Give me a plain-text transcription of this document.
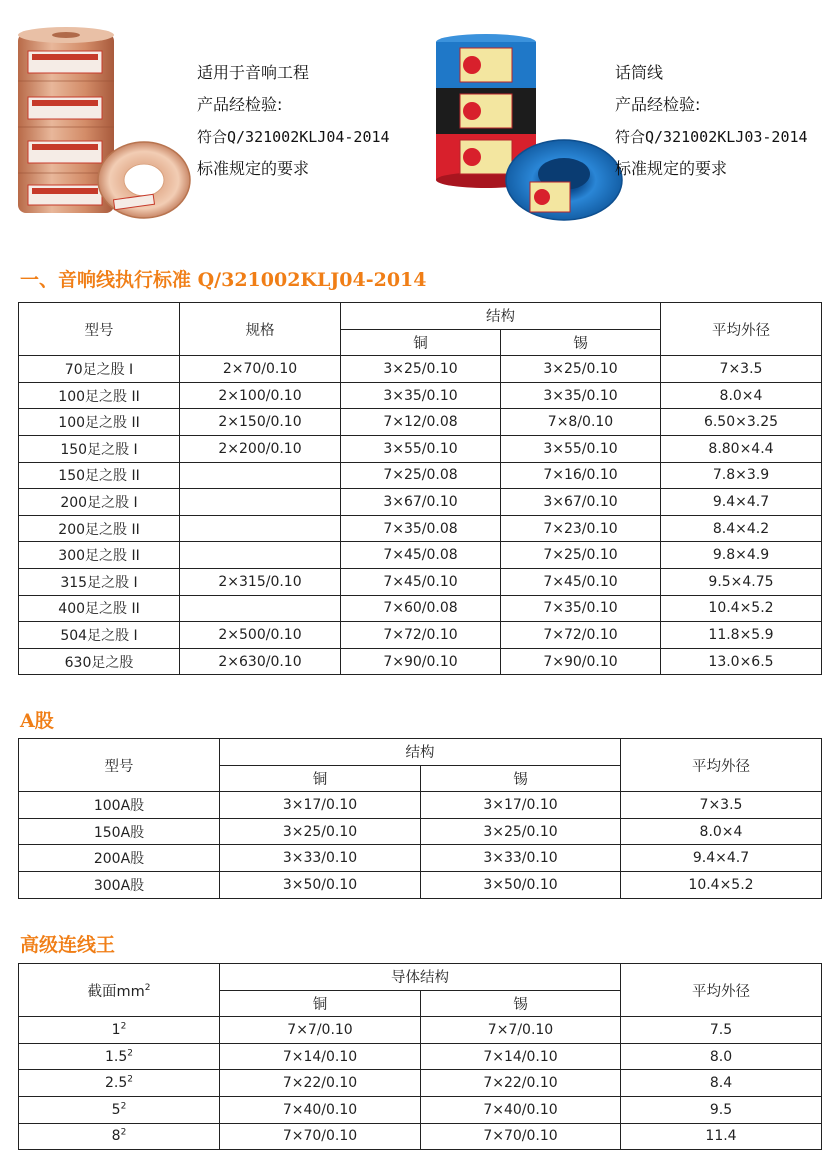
适用于音响工程
产品经检验:
符合Q/321002KLJ04-2014
标准规定的要求
话筒线
产品经检验:
符合Q/321002KLJ03-2014
标准规定的要求
一、音响线执行标准 Q/321002KLJ04-2014
型号	规格	结构		平均外径
		铜	锡	
70足之股 I	2×70/0.10	3×25/0.10	3×25/0.10	7×3.5
100足之股 II	2×100/0.10	3×35/0.10	3×35/0.10	8.0×4
100足之股 II	2×150/0.10	7×12/0.08	7×8/0.10	6.50×3.25
150足之股 I	2×200/0.10	3×55/0.10	3×55/0.10	8.80×4.4
150足之股 II		7×25/0.08	7×16/0.10	7.8×3.9
200足之股 I		3×67/0.10	3×67/0.10	9.4×4.7
200足之股 II		7×35/0.08	7×23/0.10	8.4×4.2
300足之股 II		7×45/0.08	7×25/0.10	9.8×4.9
315足之股 I	2×315/0.10	7×45/0.10	7×45/0.10	9.5×4.75
400足之股 II		7×60/0.08	7×35/0.10	10.4×5.2
504足之股 I	2×500/0.10	7×72/0.10	7×72/0.10	11.8×5.9
630足之股	2×630/0.10	7×90/0.10	7×90/0.10	13.0×6.5
A股
型号	结构		平均外径
	铜	锡	
100A股	3×17/0.10	3×17/0.10	7×3.5
150A股	3×25/0.10	3×25/0.10	8.0×4
200A股	3×33/0.10	3×33/0.10	9.4×4.7
300A股	3×50/0.10	3×50/0.10	10.4×5.2
高级连线王
截面$mm^2$	导体结构		平均外径
	铜	锡	
$1^2$	7×7/0.10	7×7/0.10	7.5
$1.5^2$	7×14/0.10	7×14/0.10	8.0
$2.5^2$	7×22/0.10	7×22/0.10	8.4
$5^2$	7×40/0.10	7×40/0.10	9.5
$8^2$	7×70/0.10	7×70/0.10	11.4
